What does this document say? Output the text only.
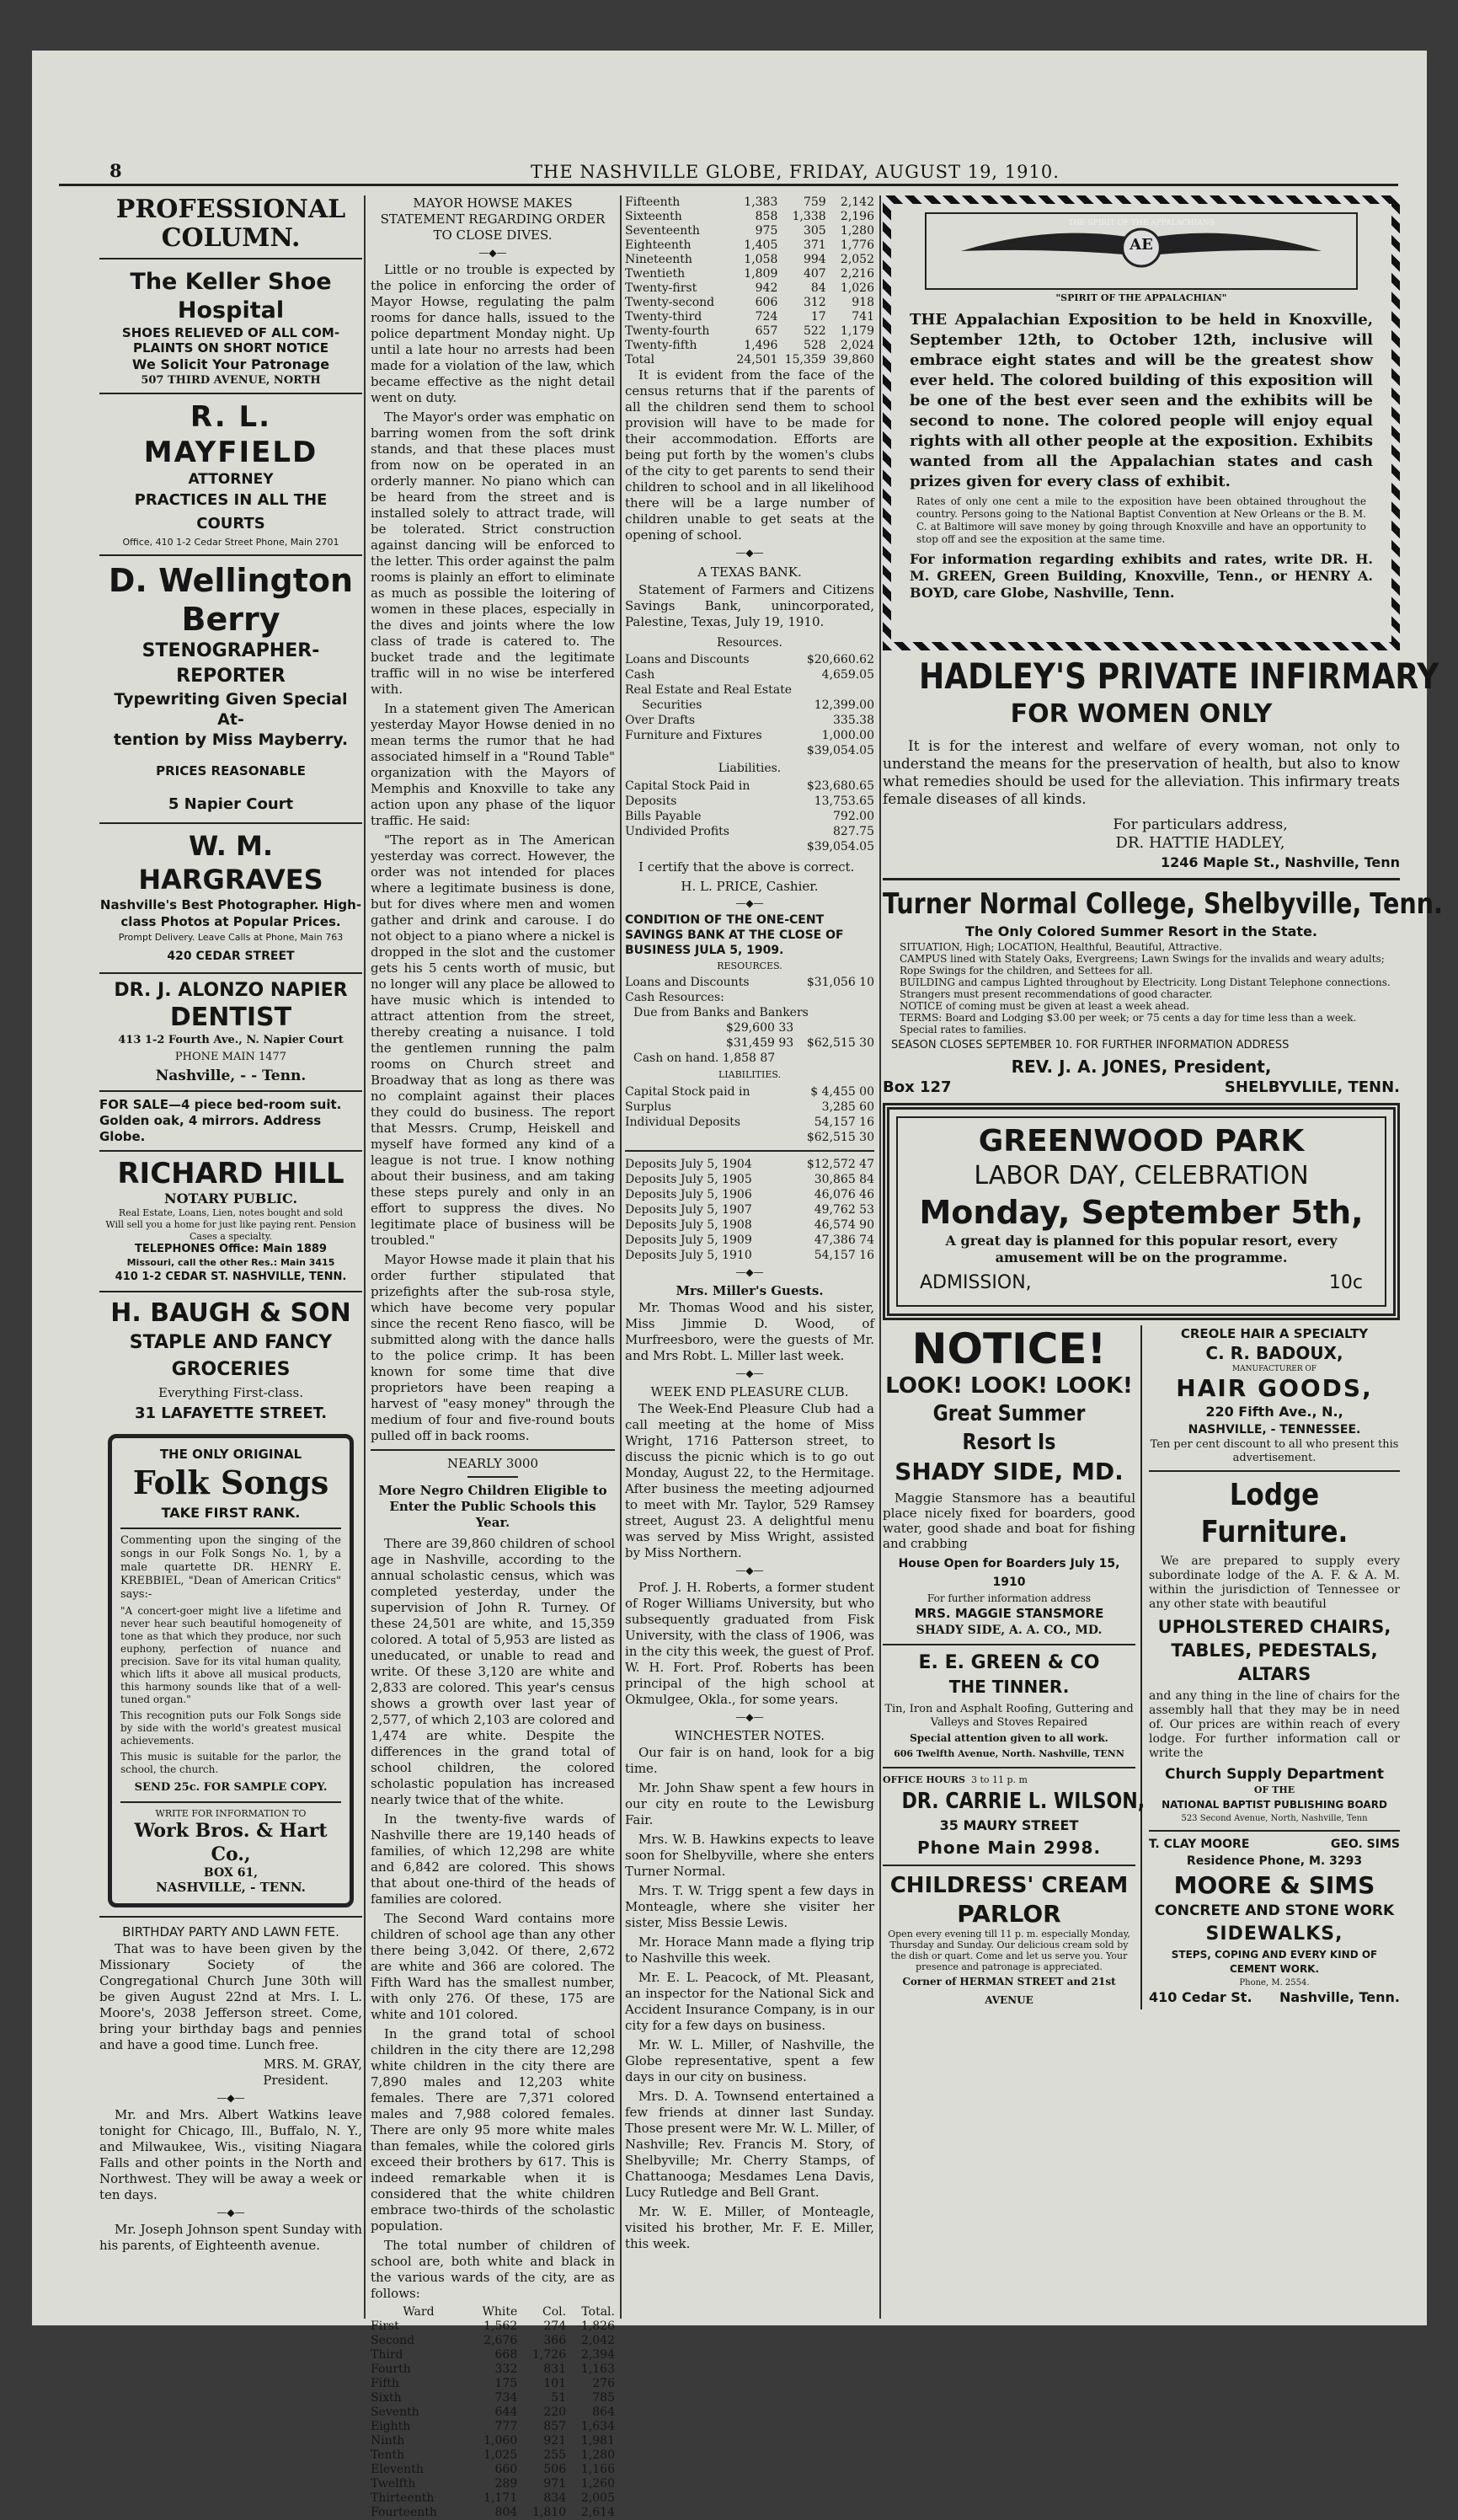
8	THE NASHVILLE GLOBE, FRIDAY, AUGUST 19, 1910.
PROFESSIONAL COLUMN.
The Keller Shoe Hospital
SHOES RELIEVED OF ALL COM-
PLAINTS ON SHORT NOTICE
We Solicit Your Patronage
507 THIRD AVENUE, NORTH
R. L. MAYFIELD
ATTORNEY
PRACTICES IN ALL THE COURTS
Office, 410 1-2 Cedar Street Phone, Main 2701
D. Wellington Berry
STENOGRAPHER-REPORTER
Typewriting Given Special At-
tention by Miss Mayberry.
PRICES REASONABLE
5 Napier Court
W. M. HARGRAVES
Nashville's Best Photographer. High-
class Photos at Popular Prices.
Prompt Delivery. Leave Calls at Phone, Main 763
420 CEDAR STREET
DR. J. ALONZO NAPIER
DENTIST
413 1-2 Fourth Ave., N. Napier Court
PHONE MAIN 1477
Nashville, - - Tenn.
FOR SALE—4 piece bed-room suit. Golden oak, 4 mirrors. Address Globe.
RICHARD HILL
NOTARY PUBLIC.
Real Estate, Loans, Lien, notes bought and sold
Will sell you a home for just like paying rent. Pension
Cases a specialty.
TELEPHONES Office: Main 1889
Missouri, call the other Res.: Main 3415
410 1-2 CEDAR ST. NASHVILLE, TENN.
H. BAUGH & SON
STAPLE AND FANCY GROCERIES
Everything First-class.
31 LAFAYETTE STREET.
THE ONLY ORIGINAL
Folk Songs
TAKE FIRST RANK.

Commenting upon the singing of the songs in our Folk Songs No. 1, by a male quartette DR. HENRY E. KREBBIEL, "Dean of American Critics" says:-

"A concert-goer might live a lifetime and never hear such beautiful homogeneity of tone as that which they produce, nor such euphony, perfection of nuance and precision. Save for its vital human quality, which lifts it above all musical products, this harmony sounds like that of a well-tuned organ."

This recognition puts our Folk Songs side by side with the world's greatest musical achievements.

This music is suitable for the parlor, the school, the church.

SEND 25c. FOR SAMPLE COPY.
WRITE FOR INFORMATION TO
Work Bros. & Hart Co.,
BOX 61,
NASHVILLE, - TENN.
BIRTHDAY PARTY AND LAWN FETE.

That was to have been given by the Missionary Society of the Congregational Church June 30th will be given August 22nd at Mrs. I. L. Moore's, 2038 Jefferson street. Come, bring your birthday bags and pennies and have a good time. Lunch free.

MRS. M. GRAY,
President.
—◆—

Mr. and Mrs. Albert Watkins leave tonight for Chicago, Ill., Buffalo, N. Y., and Milwaukee, Wis., visiting Niagara Falls and other points in the North and Northwest. They will be away a week or ten days.

—◆—

Mr. Joseph Johnson spent Sunday with his parents, of Eighteenth avenue.

MAYOR HOWSE MAKES STATEMENT REGARDING ORDER TO CLOSE DIVES.
—◆—

Little or no trouble is expected by the police in enforcing the order of Mayor Howse, regulating the palm rooms for dance halls, issued to the police department Monday night. Up until a late hour no arrests had been made for a violation of the law, which became effective as the night detail went on duty.

The Mayor's order was emphatic on barring women from the soft drink stands, and that these places must from now on be operated in an orderly manner. No piano which can be heard from the street and is installed solely to attract trade, will be tolerated. Strict construction against dancing will be enforced to the letter. This order against the palm rooms is plainly an effort to eliminate as much as possible the loitering of women in these places, especially in the dives and joints where the low class of trade is catered to. The bucket trade and the legitimate traffic will in no wise be interfered with.

In a statement given The American yesterday Mayor Howse denied in no mean terms the rumor that he had associated himself in a "Round Table" organization with the Mayors of Memphis and Knoxville to take any action upon any phase of the liquor traffic. He said:

"The report as in The American yesterday was correct. However, the order was not intended for places where a legitimate business is done, but for dives where men and women gather and drink and carouse. I do not object to a piano where a nickel is dropped in the slot and the customer gets his 5 cents worth of music, but no longer will any place be allowed to have music which is intended to attract attention from the street, thereby creating a nuisance. I told the gentlemen running the palm rooms on Church street and Broadway that as long as there was no complaint against their places they could do business. The report that Messrs. Crump, Heiskell and myself have formed any kind of a league is not true. I know nothing about their business, and am taking these steps purely and only in an effort to suppress the dives. No legitimate place of business will be troubled."

Mayor Howse made it plain that his order further stipulated that prizefights after the sub-rosa style, which have become very popular since the recent Reno fiasco, will be submitted along with the dance halls to the police crimp. It has been known for some time that dive proprietors have been reaping a harvest of "easy money" through the medium of four and five-round bouts pulled off in back rooms.

NEARLY 3000
More Negro Children Eligible to Enter the Public Schools this Year.

There are 39,860 children of school age in Nashville, according to the annual scholastic census, which was completed yesterday, under the supervision of John R. Turney. Of these 24,501 are white, and 15,359 colored. A total of 5,953 are listed as uneducated, or unable to read and write. Of these 3,120 are white and 2,833 are colored. This year's census shows a growth over last year of 2,577, of which 2,103 are colored and 1,474 are white. Despite the differences in the grand total of school children, the colored scholastic population has increased nearly twice that of the white.

In the twenty-five wards of Nashville there are 19,140 heads of families, of which 12,298 are white and 6,842 are colored. This shows that about one-third of the heads of families are colored.

The Second Ward contains more children of school age than any other there being 3,042. Of there, 2,672 are white and 366 are colored. The Fifth Ward has the smallest number, with only 276. Of these, 175 are white and 101 colored.

In the grand total of school children in the city there are 12,298 white children in the city there are 7,890 males and 12,203 white females. There are 7,371 colored males and 7,988 colored females. There are only 95 more white males than females, while the colored girls exceed their brothers by 617. This is indeed remarkable when it is considered that the white children embrace two-thirds of the scholastic population.

The total number of children of school are, both white and black in the various wards of the city, are as follows:

Ward	White	Col.	Total.
First	1,562	274	1,826
Second	2,676	366	2,042
Third	668	1,726	2,394
Fourth	332	831	1,163
Fifth	175	101	276
Sixth	734	51	785
Seventh	644	220	864
Eighth	777	857	1,634
Ninth	1,060	921	1,981
Tenth	1,025	255	1,280
Eleventh	660	506	1,166
Twelfth	289	971	1,260
Thirteenth	1,171	834	2,005
Fourteenth	804	1,810	2,614
Fifteenth	1,383	759	2,142
Sixteenth	858	1,338	2,196
Seventeenth	975	305	1,280
Eighteenth	1,405	371	1,776
Nineteenth	1,058	994	2,052
Twentieth	1,809	407	2,216
Twenty-first	942	84	1,026
Twenty-second	606	312	918
Twenty-third	724	17	741
Twenty-fourth	657	522	1,179
Twenty-fifth	1,496	528	2,024
Total	24,501	15,359	39,860

It is evident from the face of the census returns that if the parents of all the children send them to school provision will have to be made for their accommodation. Efforts are being put forth by the women's clubs of the city to get parents to send their children to school and in all likelihood there will be a large number of children unable to get seats at the opening of school.

—◆—
A TEXAS BANK.

Statement of Farmers and Citizens Savings Bank, unincorporated, Palestine, Texas, July 19, 1910.

Resources.
Loans and Discounts	$20,660.62
Cash	4,659.05
Real Estate and Real Estate
Securities	12,399.00
Over Drafts	335.38
Furniture and Fixtures	1,000.00
$39,054.05
Liabilities.
Capital Stock Paid in	$23,680.65
Deposits	13,753.65
Bills Payable	792.00
Undivided Profits	827.75
$39,054.05

I certify that the above is correct.

H. L. PRICE, Cashier.
—◆—
CONDITION OF THE ONE-CENT SAVINGS BANK AT THE CLOSE OF BUSINESS JULA 5, 1909.
RESOURCES.
Loans and Discounts	$31,056 10
Cash Resources:
Due from Banks and Bankers
$29,600 33
$31,459 93 $62,515 30
Cash on hand. 1,858 87
LIABILITIES.
Capital Stock paid in	$ 4,455 00
Surplus	3,285 60
Individual Deposits	54,157 16
$62,515 30
Deposits July 5, 1904	$12,572 47
Deposits July 5, 1905	30,865 84
Deposits July 5, 1906	46,076 46
Deposits July 5, 1907	49,762 53
Deposits July 5, 1908	46,574 90
Deposits July 5, 1909	47,386 74
Deposits July 5, 1910	54,157 16
—◆—
Mrs. Miller's Guests.

Mr. Thomas Wood and his sister, Miss Jimmie D. Wood, of Murfreesboro, were the guests of Mr. and Mrs Robt. L. Miller last week.

—◆—
WEEK END PLEASURE CLUB.

The Week-End Pleasure Club had a call meeting at the home of Miss Wright, 1716 Patterson street, to discuss the picnic which is to go out Monday, August 22, to the Hermitage. After business the meeting adjourned to meet with Mr. Taylor, 529 Ramsey street, August 23. A delightful menu was served by Miss Wright, assisted by Miss Northern.

—◆—

Prof. J. H. Roberts, a former student of Roger Williams University, but who subsequently graduated from Fisk University, with the class of 1906, was in the city this week, the guest of Prof. W. H. Fort. Prof. Roberts has been principal of the high school at Okmulgee, Okla., for some years.

—◆—
WINCHESTER NOTES.

Our fair is on hand, look for a big time.

Mr. John Shaw spent a few hours in our city en route to the Lewisburg Fair.

Mrs. W. B. Hawkins expects to leave soon for Shelbyville, where she enters Turner Normal.

Mrs. T. W. Trigg spent a few days in Monteagle, where she visiter her sister, Miss Bessie Lewis.

Mr. Horace Mann made a flying trip to Nashville this week.

Mr. E. L. Peacock, of Mt. Pleasant, an inspector for the National Sick and Accident Insurance Company, is in our city for a few days on business.

Mr. W. L. Miller, of Nashville, the Globe representative, spent a few days in our city on business.

Mrs. D. A. Townsend entertained a few friends at dinner last Sunday. Those present were Mr. W. L. Miller, of Nashville; Rev. Francis M. Story, of Shelbyville; Mr. Cherry Stamps, of Chattanooga; Mesdames Lena Davis, Lucy Rutledge and Bell Grant.

Mr. W. E. Miller, of Monteagle, visited his brother, Mr. F. E. Miller, this week.

AE
THE SPIRIT OF THE APPALACHIANS
"SPIRIT OF THE APPALACHIAN"

THE Appalachian Exposition to be held in Knoxville, September 12th, to October 12th, inclusive will embrace eight states and will be the greatest show ever held. The colored building of this exposition will be one of the best ever seen and the exhibits will be second to none. The colored people will enjoy equal rights with all other people at the exposition. Exhibits wanted from all the Appalachian states and cash prizes given for every class of exhibit.

Rates of only one cent a mile to the exposition have been obtained throughout the country. Persons going to the National Baptist Convention at New Orleans or the B. M. C. at Baltimore will save money by going through Knoxville and have an opportunity to stop off and see the exposition at the same time.

For information regarding exhibits and rates, write DR. H. M. GREEN, Green Building, Knoxville, Tenn., or HENRY A. BOYD, care Globe, Nashville, Tenn.

HADLEY'S PRIVATE INFIRMARY
FOR WOMEN ONLY

It is for the interest and welfare of every woman, not only to understand the means for the preservation of health, but also to know what remedies should be used for the alleviation. This infirmary treats female diseases of all kinds.

For particulars address,
DR. HATTIE HADLEY,
1246 Maple St., Nashville, Tenn
Turner Normal College, Shelbyville, Tenn.
The Only Colored Summer Resort in the State.
SITUATION, High; LOCATION, Healthful, Beautiful, Attractive.
CAMPUS lined with Stately Oaks, Evergreens; Lawn Swings for the invalids and weary adults; Rope Swings for the children, and Settees for all.
BUILDING and campus Lighted throughout by Electricity. Long Distant Telephone connections.
Strangers must present recommendations of good character.
NOTICE of coming must be given at least a week ahead.
TERMS: Board and Lodging $3.00 per week; or 75 cents a day for time less than a week.
Special rates to families.
SEASON CLOSES SEPTEMBER 10. FOR FURTHER INFORMATION ADDRESS
REV. J. A. JONES, President,
Box 127	SHELBYVLILE, TENN.
GREENWOOD PARK
LABOR DAY, CELEBRATION
Monday, September 5th,
A great day is planned for this popular resort, every amusement will be on the programme.
ADMISSION,	10c
NOTICE!
LOOK! LOOK! LOOK!
Great Summer Resort Is
SHADY SIDE, MD.

Maggie Stansmore has a beautiful place nicely fixed for boarders, good water, good shade and boat for fishing and crabbing

House Open for Boarders July 15, 1910
For further information address
MRS. MAGGIE STANSMORE
SHADY SIDE, A. A. CO., MD.
E. E. GREEN & CO
THE TINNER.
Tin, Iron and Asphalt Roofing, Guttering and Valleys and Stoves Repaired
Special attention given to all work.
606 Twelfth Avenue, North. Nashville, TENN
OFFICE HOURS 3 to 11 p. m
DR. CARRIE L. WILSON,
35 MAURY STREET
Phone Main 2998.
CHILDRESS' CREAM
PARLOR
Open every evening till 11 p. m. especially Monday, Thursday and Sunday. Our delicious cream sold by the dish or quart. Come and let us serve you. Your presence and patronage is appreciated.
Corner of HERMAN STREET and 21st AVENUE
CREOLE HAIR A SPECIALTY
C. R. BADOUX,
MANUFACTURER OF
HAIR GOODS,
220 Fifth Ave., N.,
NASHVILLE, - TENNESSEE.
Ten per cent discount to all who present this advertisement.
Lodge Furniture.

We are prepared to supply every subordinate lodge of the A. F. & A. M. within the jurisdiction of Tennessee or any other state with beautiful

UPHOLSTERED CHAIRS, TABLES, PEDESTALS, ALTARS

and any thing in the line of chairs for the assembly hall that they may be in need of. Our prices are within reach of every lodge. For further information call or write the

Church Supply Department
OF THE
NATIONAL BAPTIST PUBLISHING BOARD
523 Second Avenue, North, Nashville, Tenn
T. CLAY MOORE	GEO. SIMS
Residence Phone, M. 3293
MOORE & SIMS
CONCRETE AND STONE WORK
SIDEWALKS,
STEPS, COPING AND EVERY KIND OF CEMENT WORK.
Phone, M. 2554.
410 Cedar St. Nashville, Tenn.
